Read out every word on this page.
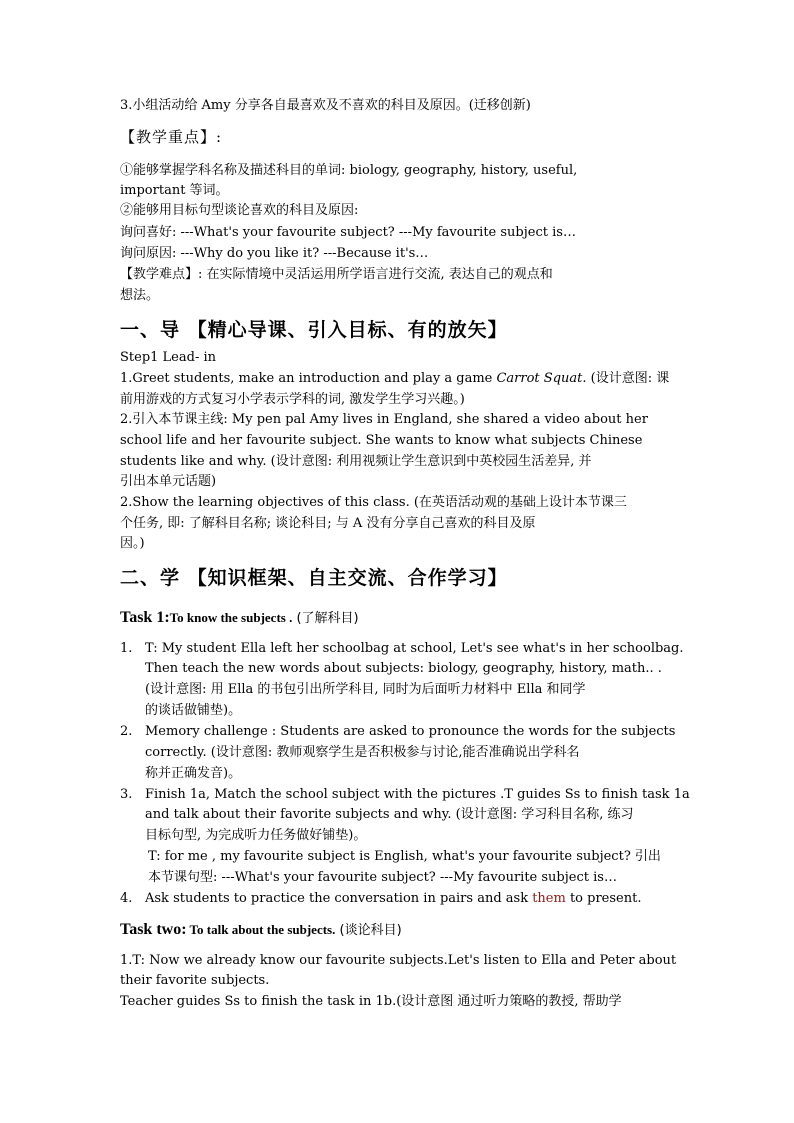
3.小组活动给 Amy 分享各自最喜欢及不喜欢的科目及原因。(迁移创新)
【教学重点】:
①能够掌握学科名称及描述科目的单词: biology, geography, history, useful,
important 等词。
②能够用目标句型谈论喜欢的科目及原因:
询问喜好: ---What's your favourite subject? ---My favourite subject is…
询问原因: ---Why do you like it? ---Because it's…
【教学难点】: 在实际情境中灵活运用所学语言进行交流, 表达自己的观点和
想法。
一、导 【精心导课、引入目标、有的放矢】
Step1 Lead- in
1.Greet students, make an introduction and play a game Carrot Squat. (设计意图: 课
前用游戏的方式复习小学表示学科的词, 激发学生学习兴趣。)
2.引入本节课主线: My pen pal Amy lives in England, she shared a video about her
school life and her favourite subject. She wants to know what subjects Chinese
students like and why. (设计意图: 利用视频让学生意识到中英校园生活差异, 并
引出本单元话题)
2.Show the learning objectives of this class. (在英语活动观的基础上设计本节课三
个任务, 即: 了解科目名称; 谈论科目; 与 A 没有分享自己喜欢的科目及原
因。)
二、学 【知识框架、自主交流、合作学习】
Task 1:To know the subjects . (了解科目)
1. T: My student Ella left her schoolbag at school, Let's see what's in her schoolbag.
Then teach the new words about subjects: biology, geography, history, math.. .
(设计意图: 用 Ella 的书包引出所学科目, 同时为后面听力材料中 Ella 和同学
的谈话做铺垫)。
2. Memory challenge : Students are asked to pronounce the words for the subjects
correctly. (设计意图: 教师观察学生是否积极参与讨论,能否准确说出学科名
称并正确发音)。
3. Finish 1a, Match the school subject with the pictures .T guides Ss to finish task 1a
and talk about their favorite subjects and why. (设计意图: 学习科目名称, 练习
目标句型, 为完成听力任务做好铺垫)。
T: for me , my favourite subject is English, what's your favourite subject? 引出
本节课句型: ---What's your favourite subject? ---My favourite subject is…
4. Ask students to practice the conversation in pairs and ask them to present.
Task two: To talk about the subjects. (谈论科目)
1.T: Now we already know our favourite subjects.Let's listen to Ella and Peter about
their favorite subjects.
Teacher guides Ss to finish the task in 1b.(设计意图 通过听力策略的教授, 帮助学
